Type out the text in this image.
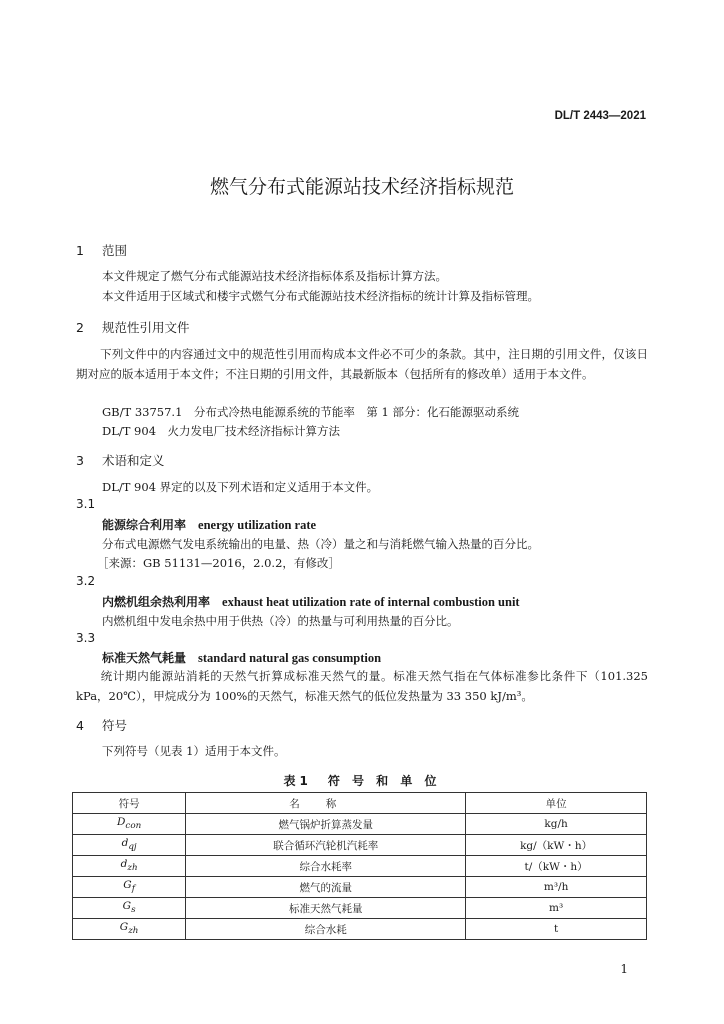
DL/T 2443—2021
燃气分布式能源站技术经济指标规范
1 范围
本文件规定了燃气分布式能源站技术经济指标体系及指标计算方法。
本文件适用于区域式和楼宇式燃气分布式能源站技术经济指标的统计计算及指标管理。
2 规范性引用文件
下列文件中的内容通过文中的规范性引用而构成本文件必不可少的条款。其中，注日期的引用文件，仅该日期对应的版本适用于本文件；不注日期的引用文件，其最新版本（包括所有的修改单）适用于本文件。
GB/T 33757.1　分布式冷热电能源系统的节能率　第 1 部分：化石能源驱动系统
DL/T 904　火力发电厂技术经济指标计算方法
3 术语和定义
DL/T 904 界定的以及下列术语和定义适用于本文件。
3.1
能源综合利用率 energy utilization rate
分布式电源燃气发电系统输出的电量、热（冷）量之和与消耗燃气输入热量的百分比。
［来源：GB 51131—2016，2.0.2，有修改］
3.2
内燃机组余热利用率 exhaust heat utilization rate of internal combustion unit
内燃机组中发电余热中用于供热（冷）的热量与可利用热量的百分比。
3.3
标准天然气耗量 standard natural gas consumption
统计期内能源站消耗的天然气折算成标准天然气的量。标准天然气指在气体标准参比条件下（101.325 kPa，20℃），甲烷成分为 100%的天然气，标准天然气的低位发热量为 33 350 kJ/m³。
4 符号
下列符号（见表 1）适用于本文件。
表1　符 号 和 单 位
符号	名称	单位
$D_{con}$	燃气锅炉折算蒸发量	kg/h
$d_{qj}$	联合循环汽轮机汽耗率	kg/（kW・h）
$d_{zh}$	综合水耗率	t/（kW・h）
$G_f$	燃气的流量	m³/h
$G_s$	标准天然气耗量	m³
$G_{zh}$	综合水耗	t
1
